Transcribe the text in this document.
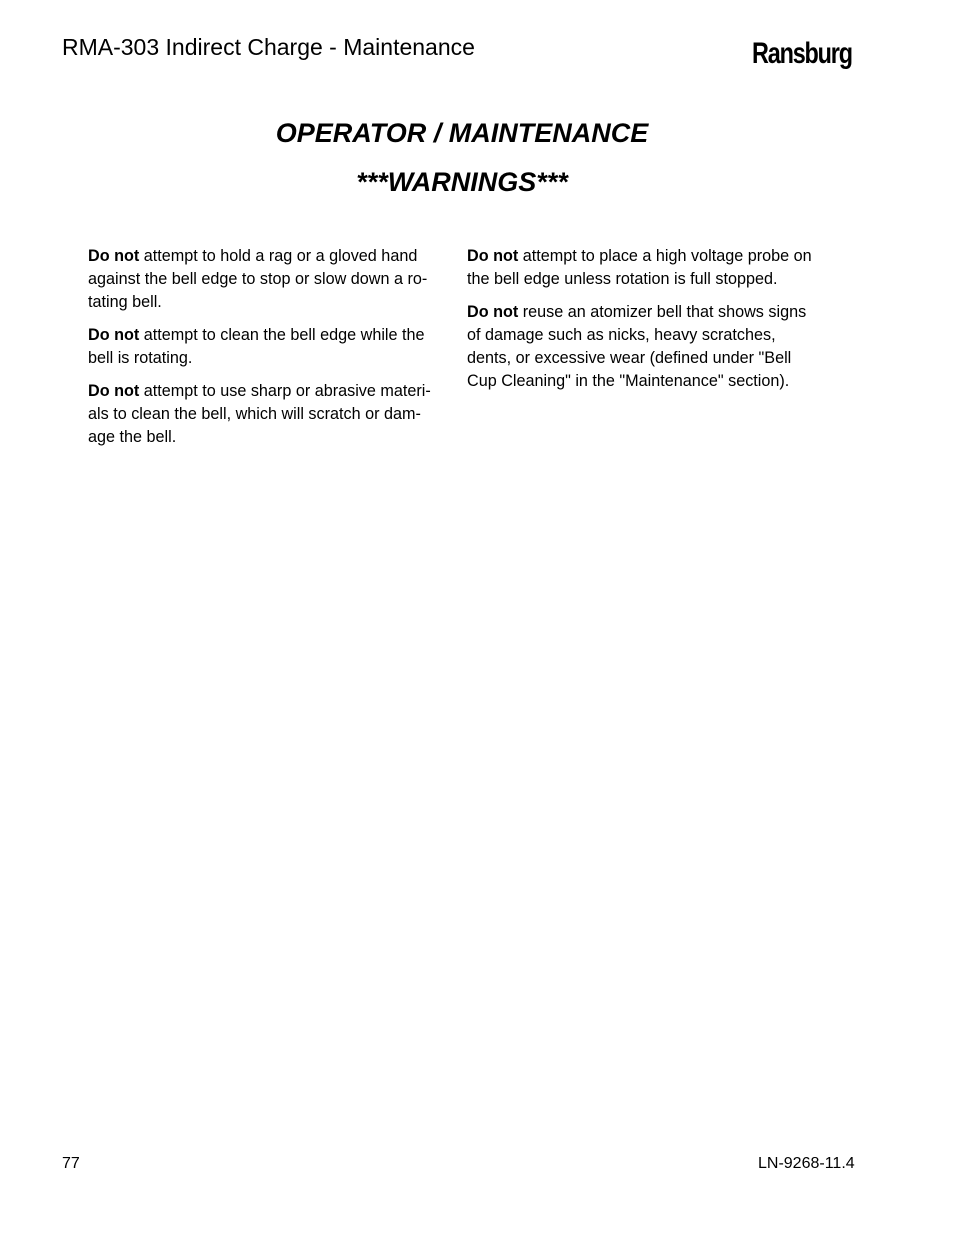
RMA-303 Indirect Charge - Maintenance	Ransburg
OPERATOR / MAINTENANCE
***WARNINGS***

Do not attempt to hold a rag or a gloved hand
against the bell edge to stop or slow down a ro-
tating bell.

Do not attempt to clean the bell edge while the
bell is rotating.

Do not attempt to use sharp or abrasive materi-
als to clean the bell, which will scratch or dam-
age the bell.

Do not attempt to place a high voltage probe on
the bell edge unless rotation is full stopped.

Do not reuse an atomizer bell that shows signs
of damage such as nicks, heavy scratches,
dents, or excessive wear (defined under "Bell
Cup Cleaning" in the "Maintenance" section).

77	LN-9268-11.4
